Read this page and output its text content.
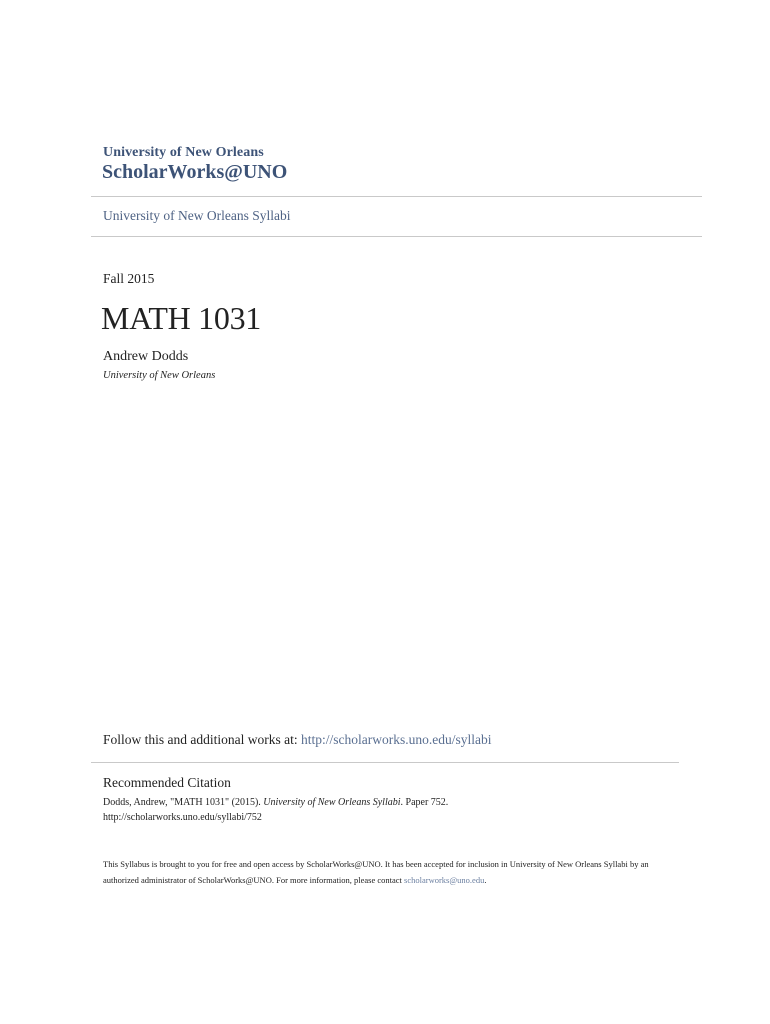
University of New Orleans
ScholarWorks@UNO
University of New Orleans Syllabi
Fall 2015
MATH 1031
Andrew Dodds
University of New Orleans
Follow this and additional works at: http://scholarworks.uno.edu/syllabi
Recommended Citation
Dodds, Andrew, "MATH 1031" (2015). University of New Orleans Syllabi. Paper 752.
http://scholarworks.uno.edu/syllabi/752
This Syllabus is brought to you for free and open access by ScholarWorks@UNO. It has been accepted for inclusion in University of New Orleans Syllabi by an authorized administrator of ScholarWorks@UNO. For more information, please contact scholarworks@uno.edu.
